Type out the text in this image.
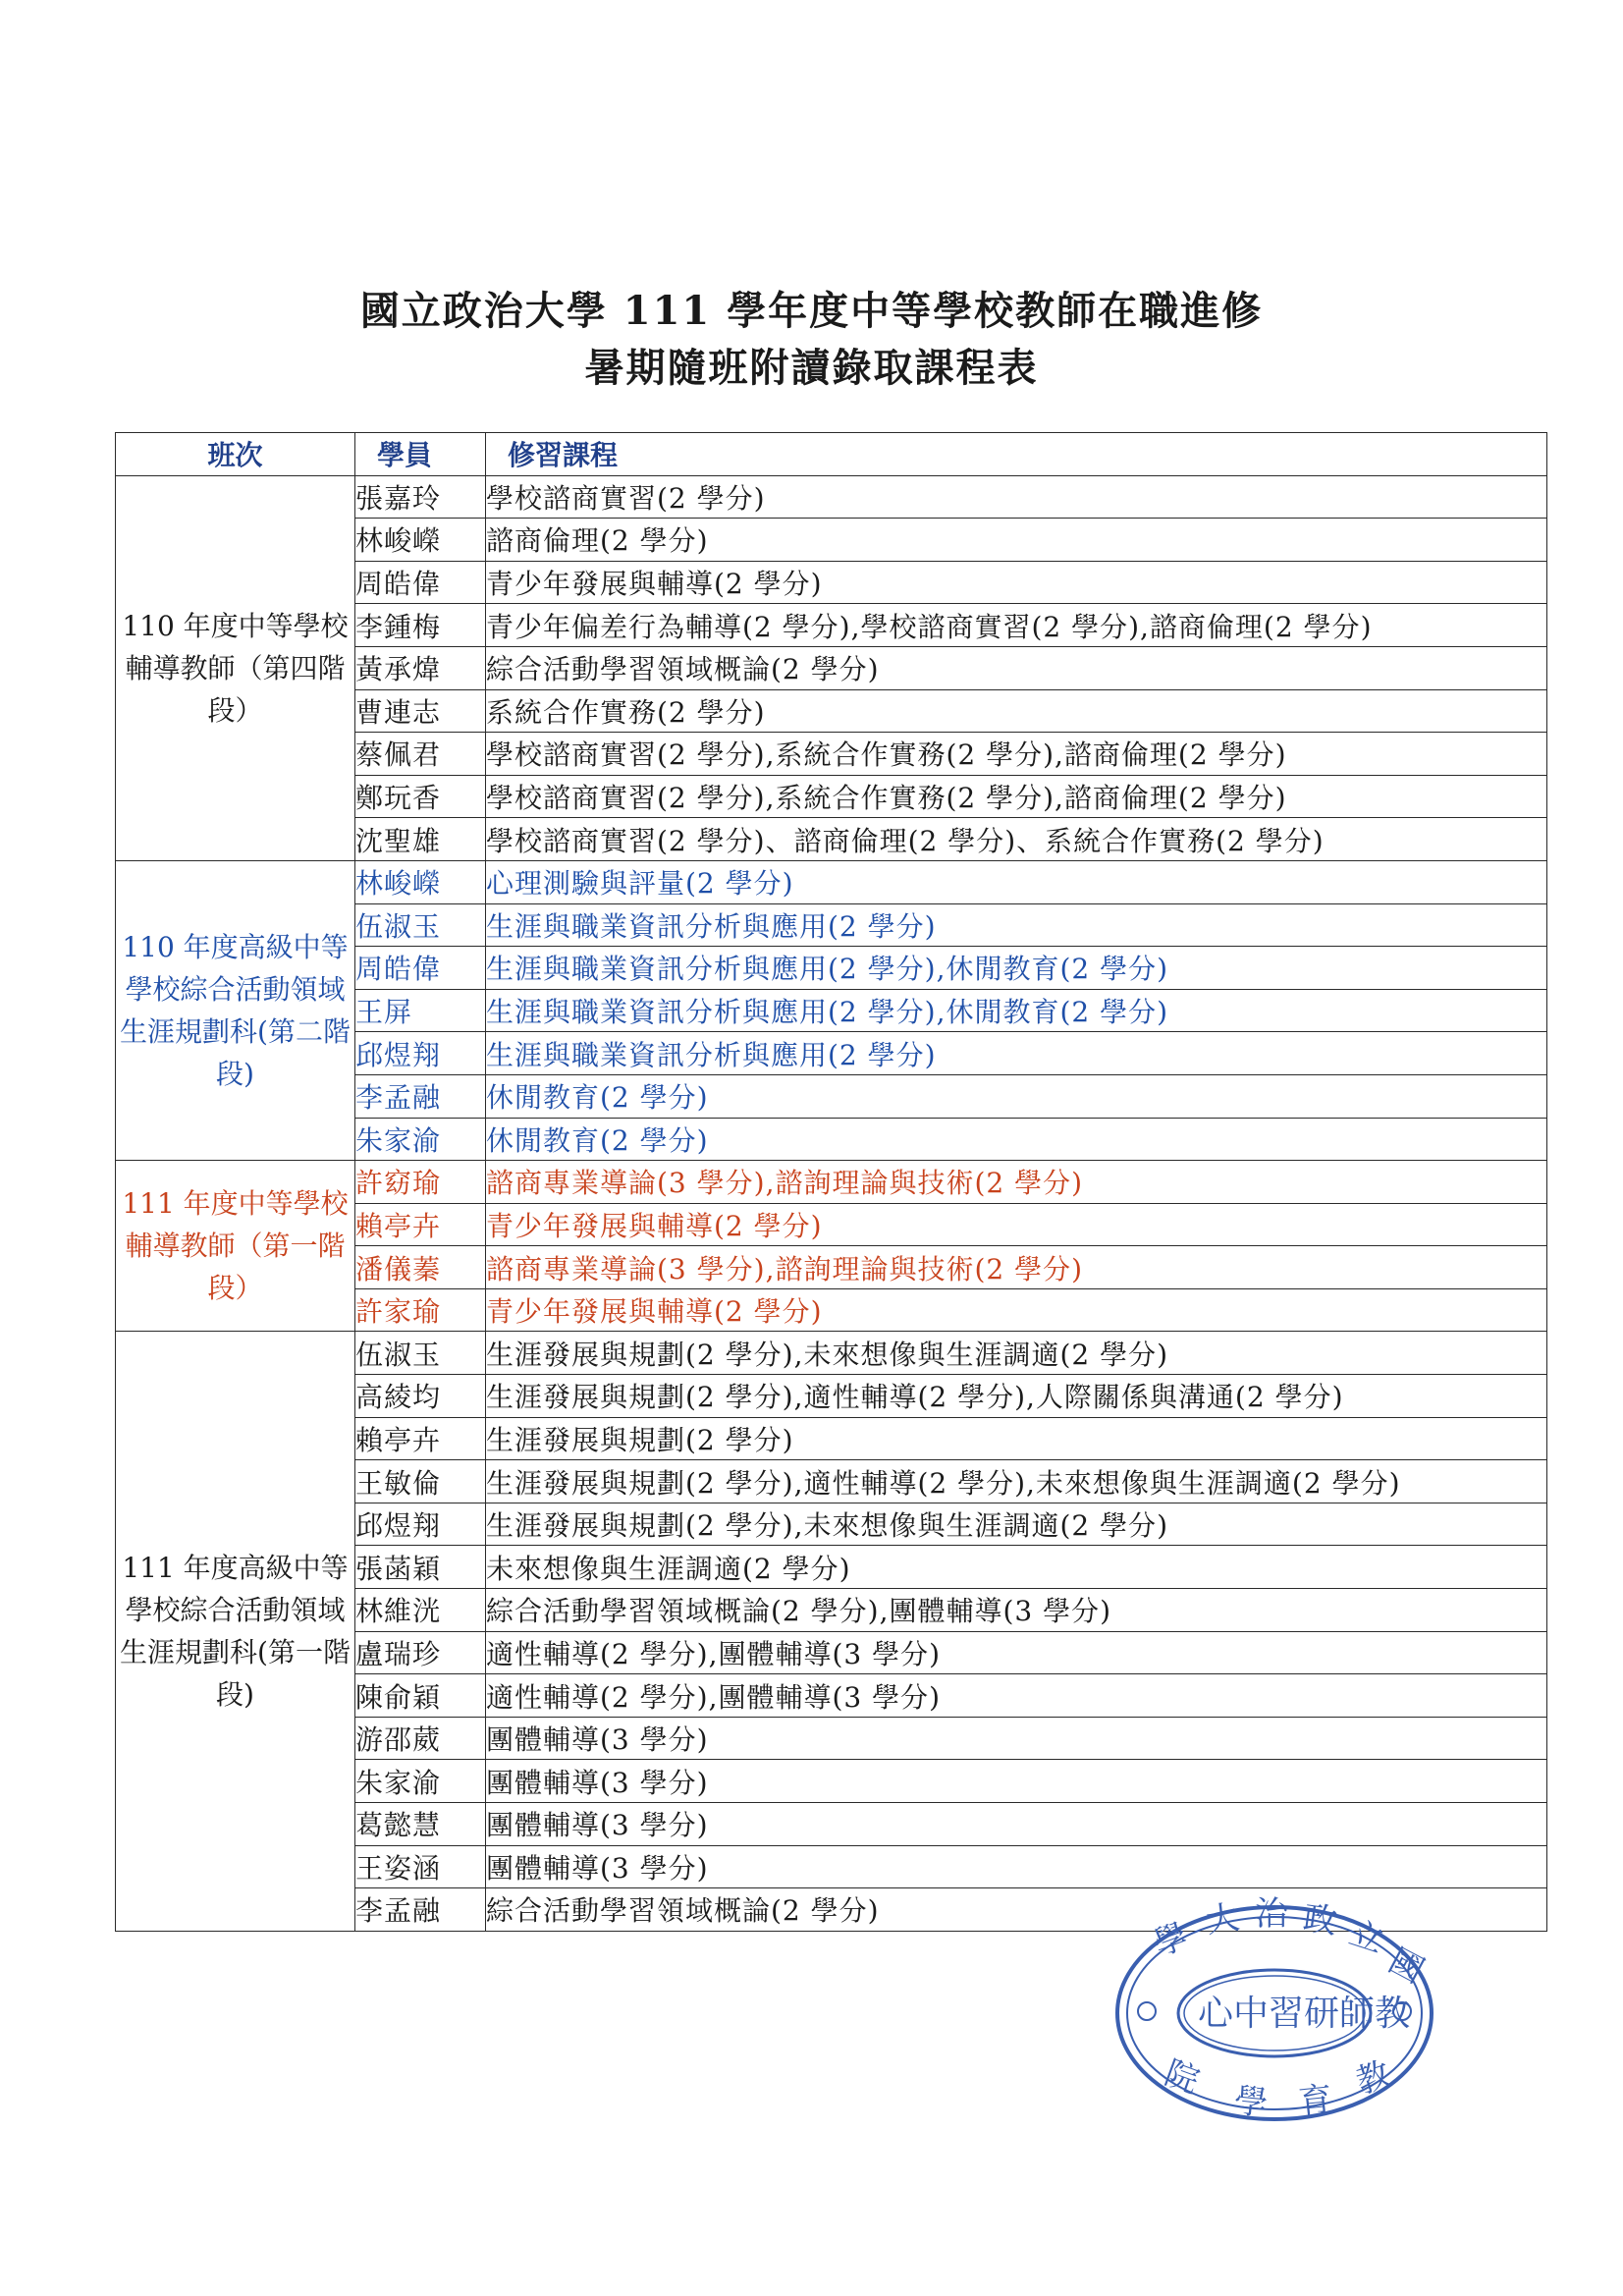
國立政治大學 111 學年度中等學校教師在職進修
暑期隨班附讀錄取課程表
班次	學員	修習課程
110 年度中等學校輔導教師（第四階段）	張嘉玲	學校諮商實習(2 學分)
	林峻嶸	諮商倫理(2 學分)
	周皓偉	青少年發展與輔導(2 學分)
	李鍾梅	青少年偏差行為輔導(2 學分),學校諮商實習(2 學分),諮商倫理(2 學分)
	黃承煒	綜合活動學習領域概論(2 學分)
	曹連志	系統合作實務(2 學分)
	蔡佩君	學校諮商實習(2 學分),系統合作實務(2 學分),諮商倫理(2 學分)
	鄭玩香	學校諮商實習(2 學分),系統合作實務(2 學分),諮商倫理(2 學分)
	沈聖雄	學校諮商實習(2 學分)、諮商倫理(2 學分)、系統合作實務(2 學分)
110 年度高級中等學校綜合活動領域生涯規劃科(第二階段)	林峻嶸	心理測驗與評量(2 學分)
	伍淑玉	生涯與職業資訊分析與應用(2 學分)
	周皓偉	生涯與職業資訊分析與應用(2 學分),休閒教育(2 學分)
	王屏	生涯與職業資訊分析與應用(2 學分),休閒教育(2 學分)
	邱煜翔	生涯與職業資訊分析與應用(2 學分)
	李孟融	休閒教育(2 學分)
	朱家渝	休閒教育(2 學分)
111 年度中等學校輔導教師（第一階段）	許窈瑜	諮商專業導論(3 學分),諮詢理論與技術(2 學分)
	賴亭卉	青少年發展與輔導(2 學分)
	潘儀蓁	諮商專業導論(3 學分),諮詢理論與技術(2 學分)
	許家瑜	青少年發展與輔導(2 學分)
111 年度高級中等學校綜合活動領域生涯規劃科(第一階段)	伍淑玉	生涯發展與規劃(2 學分),未來想像與生涯調適(2 學分)
	高綾均	生涯發展與規劃(2 學分),適性輔導(2 學分),人際關係與溝通(2 學分)
	賴亭卉	生涯發展與規劃(2 學分)
	王敏倫	生涯發展與規劃(2 學分),適性輔導(2 學分),未來想像與生涯調適(2 學分)
	邱煜翔	生涯發展與規劃(2 學分),未來想像與生涯調適(2 學分)
	張菡穎	未來想像與生涯調適(2 學分)
	林維洸	綜合活動學習領域概論(2 學分),團體輔導(3 學分)
	盧瑞珍	適性輔導(2 學分),團體輔導(3 學分)
	陳俞穎	適性輔導(2 學分),團體輔導(3 學分)
	游邵葳	團體輔導(3 學分)
	朱家渝	團體輔導(3 學分)
	葛懿慧	團體輔導(3 學分)
	王姿涵	團體輔導(3 學分)
	李孟融	綜合活動學習領域概論(2 學分)
學 大 治 政 立
國
院
學 育 教
心中習研師教
